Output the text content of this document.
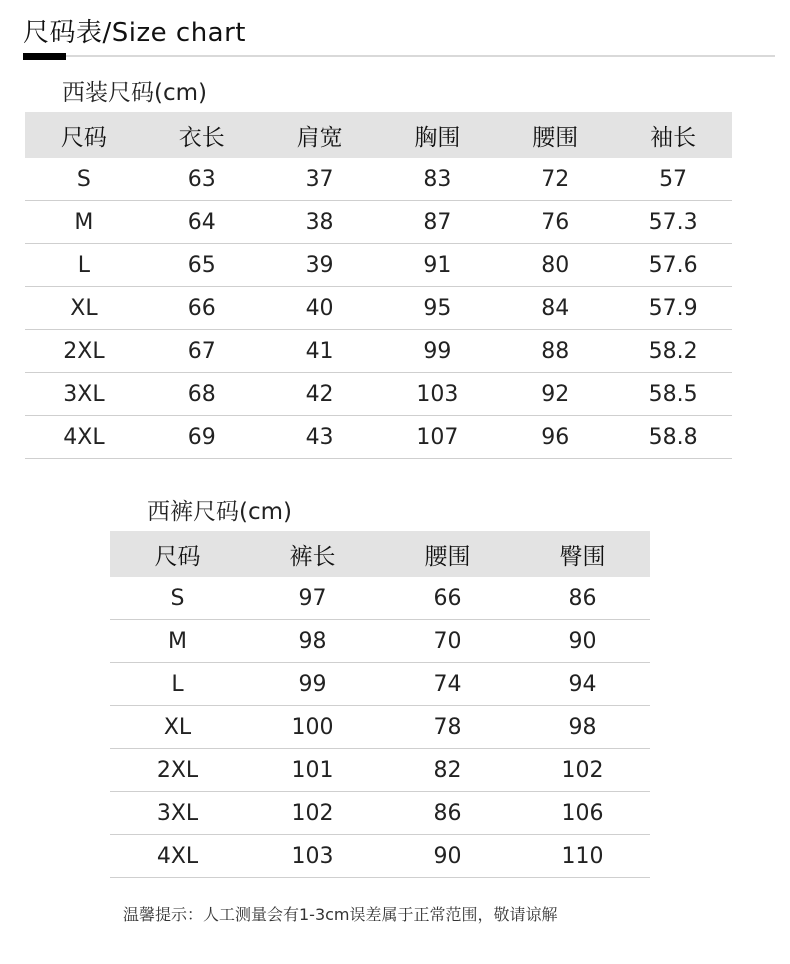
尺码表/Size chart
西装尺码(cm)
尺码	衣长	肩宽	胸围	腰围	袖长
S	63	37	83	72	57
M	64	38	87	76	57.3
L	65	39	91	80	57.6
XL	66	40	95	84	57.9
2XL	67	41	99	88	58.2
3XL	68	42	103	92	58.5
4XL	69	43	107	96	58.8
西裤尺码(cm)
尺码	裤长	腰围	臀围
S	97	66	86
M	98	70	90
L	99	74	94
XL	100	78	98
2XL	101	82	102
3XL	102	86	106
4XL	103	90	110
温馨提示：人工测量会有1-3cm误差属于正常范围，敬请谅解
